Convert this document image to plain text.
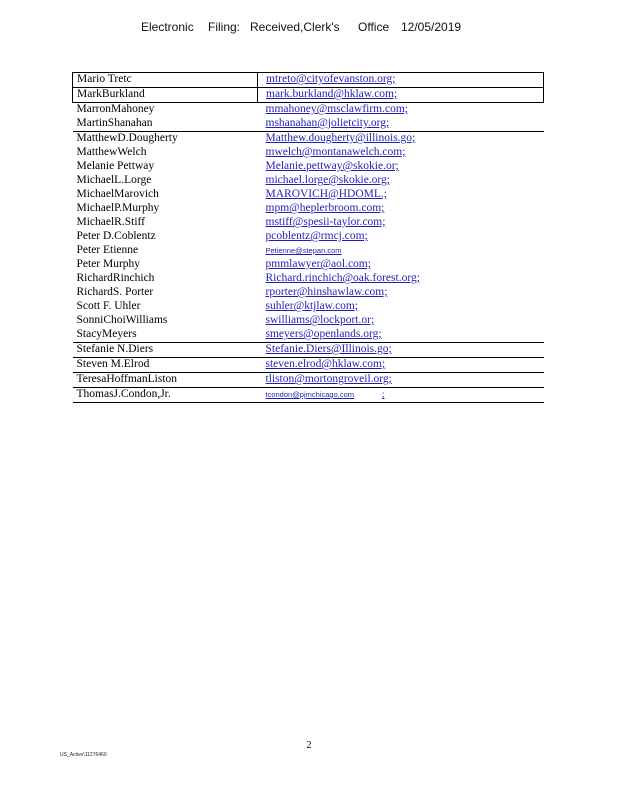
Electronic Filing: Received,Clerk's Office 12/05/2019
Mario Tretc	mtreto@cityofevanston.org;
MarkBurkland	mark.burkland@hklaw.com;
MarronMahoney	mmahoney@msclawfirm.com;
MartinShanahan	mshanahan@jolietcity.org;
MatthewD.Dougherty	Matthew.dougherty@illinois.go;
MatthewWelch	mwelch@montanawelch.com;
Melanie Pettway	Melanie.pettway@skokie.or;
MichaelL.Lorge	michael.lorge@skokie.org;
MichaelMarovich	MAROVICH@HDOML.;
MichaelP.Murphy	mpm@heplerbroom.com;
MichaelR.Stiff	mstiff@spesii-taylor.com;
Peter D.Coblentz	pcoblentz@rmcj.com;
Peter Etienne	Petienne@stepan.com
Peter Murphy	pmmlawyer@aol.com;
RichardRinchich	Richard.rinchich@oak.forest.org;
RichardS. Porter	rporter@hinshawlaw.com;
Scott F. Uhler	suhler@ktjlaw.com;
SonniChoiWilliams	swilliams@lockport.or;
StacyMeyers	smeyers@openlands.org;
Stefanie N.Diers	Stefanie.Diers@Illinois.go;
Steven M.Elrod	steven.elrod@hklaw.com;
TeresaHoffmanListon	tliston@mortongroveil.org;
ThomasJ.Condon,Jr.	tcondon@pjmchicago.com ;
2
US_Active\11276460
